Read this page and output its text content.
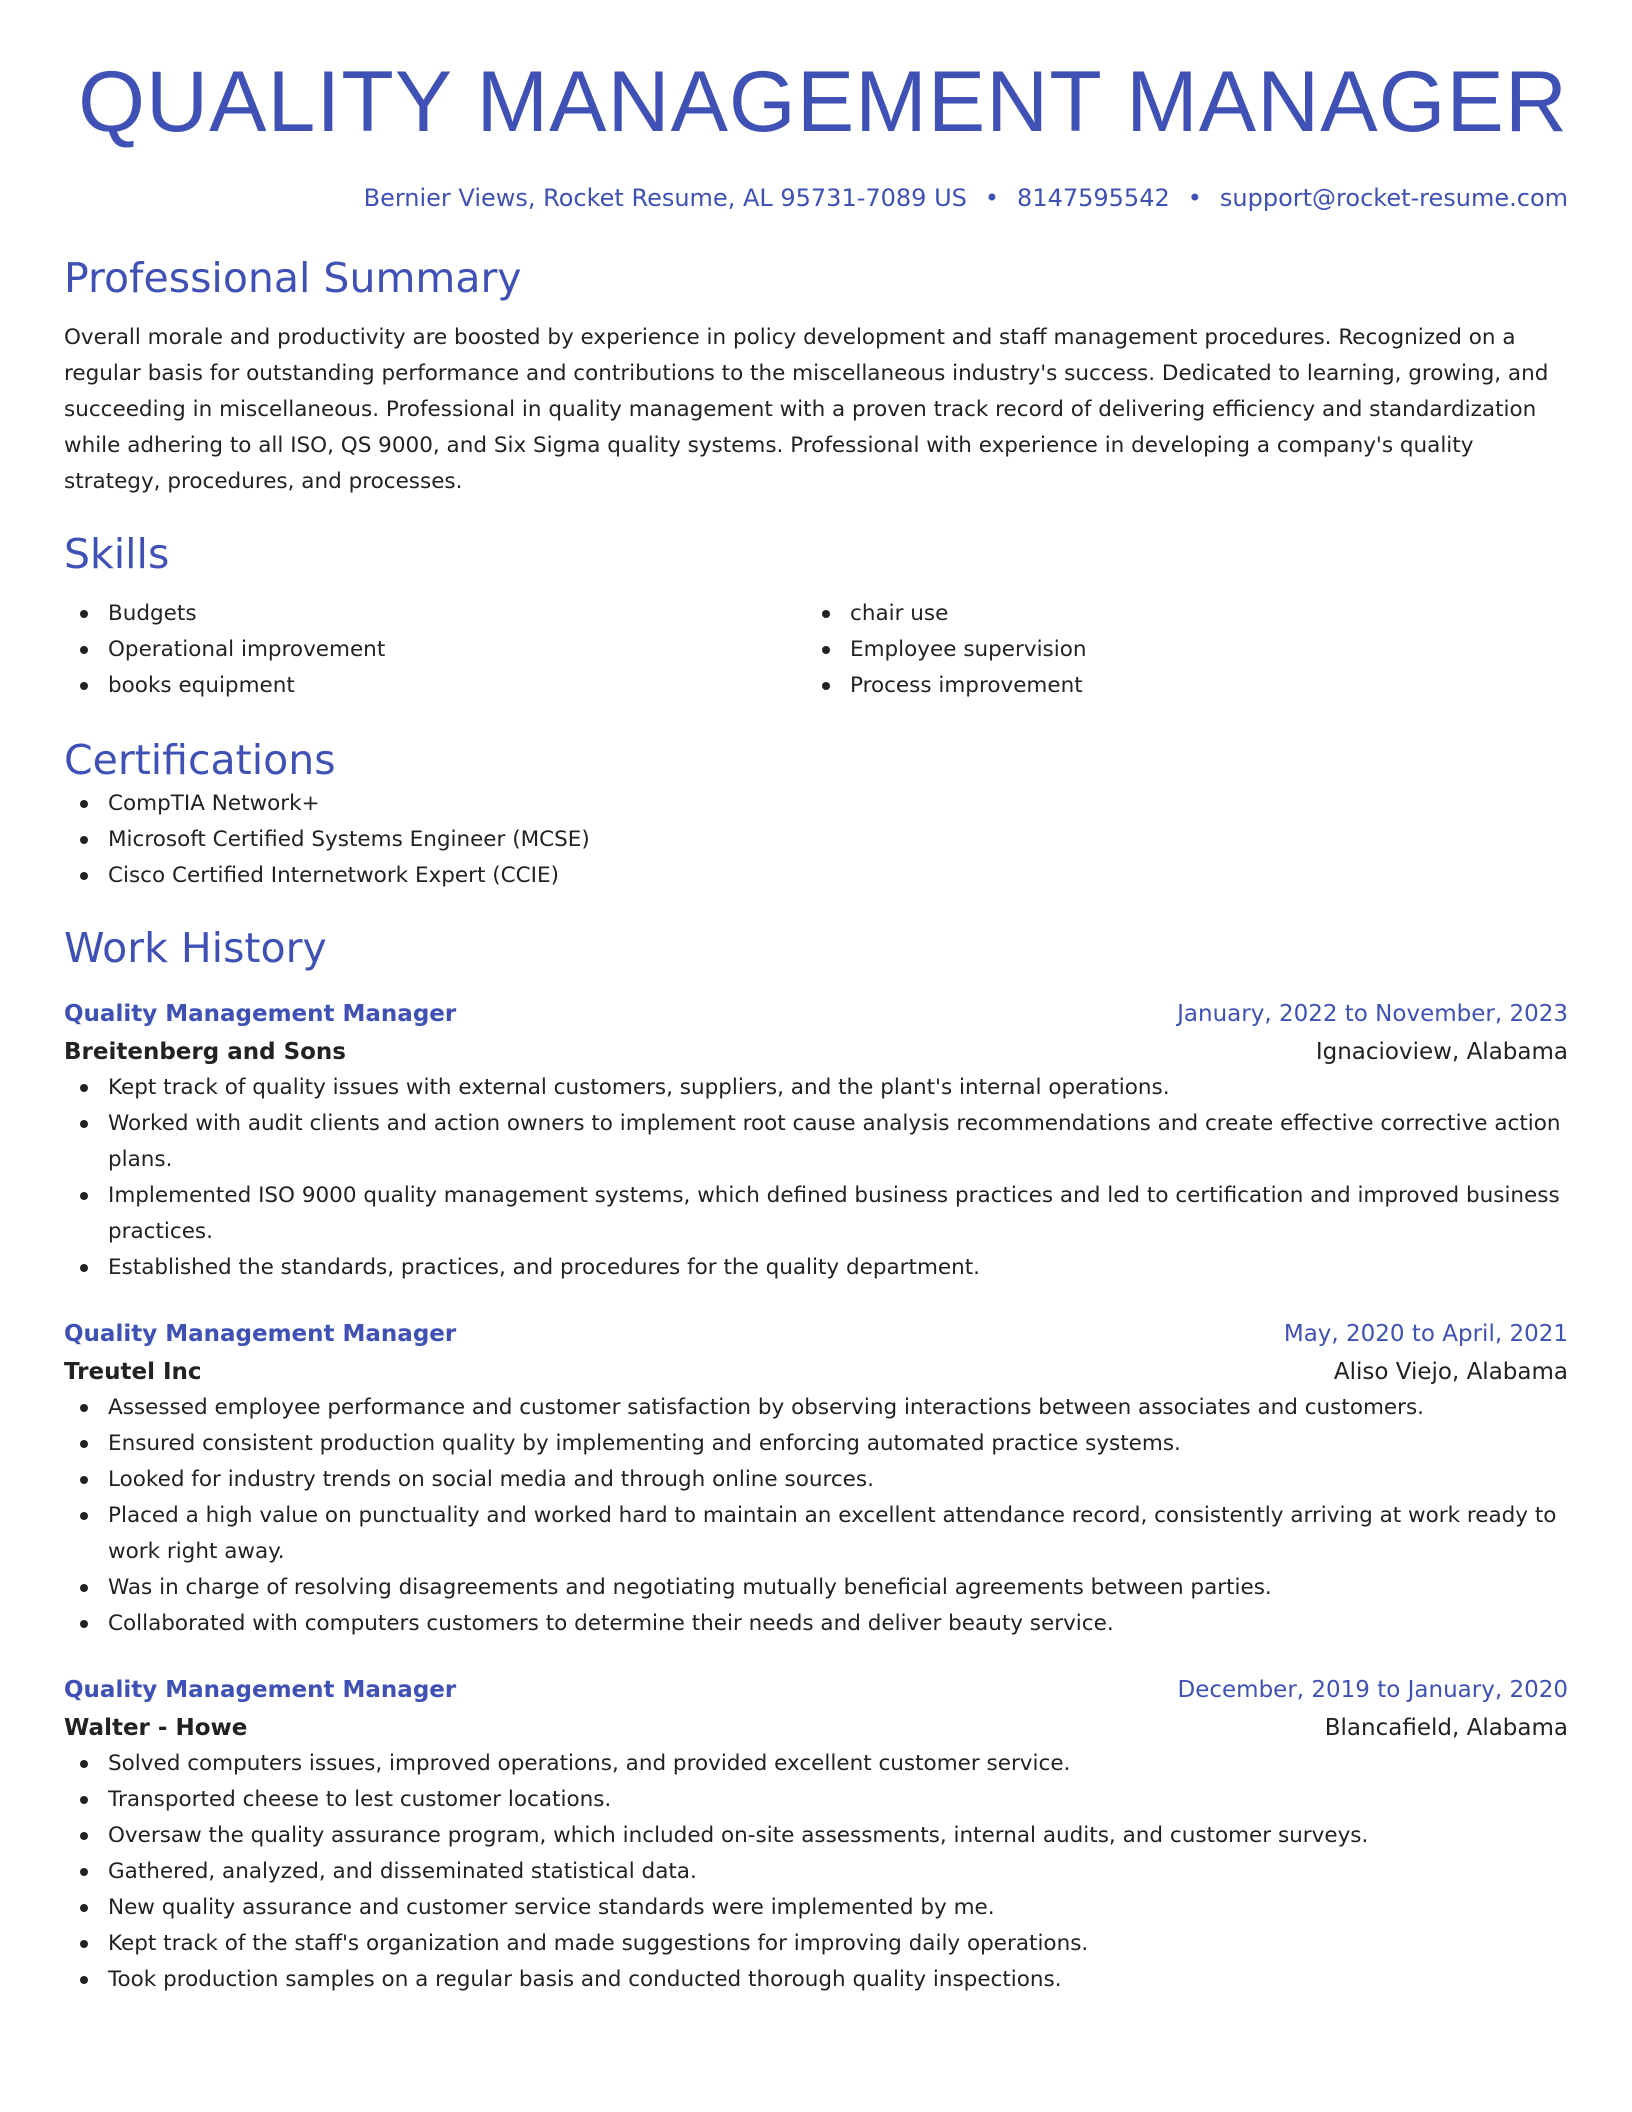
QUALITY MANAGEMENT MANAGER
Bernier Views, Rocket Resume, AL 95731-7089 US • 8147595542 • support@rocket-resume.com
Professional Summary
Overall morale and productivity are boosted by experience in policy development and staff management procedures. Recognized on a regular basis for outstanding performance and contributions to the miscellaneous industry's success. Dedicated to learning, growing, and succeeding in miscellaneous. Professional in quality management with a proven track record of delivering efficiency and standardization while adhering to all ISO, QS 9000, and Six Sigma quality systems. Professional with experience in developing a company's quality strategy, procedures, and processes.
Skills
Budgets
Operational improvement
books equipment
chair use
Employee supervision
Process improvement
Certifications
CompTIA Network+
Microsoft Certified Systems Engineer (MCSE)
Cisco Certified Internetwork Expert (CCIE)
Work History
Quality Management Manager	January, 2022 to November, 2023
Breitenberg and Sons	Ignacioview, Alabama
Kept track of quality issues with external customers, suppliers, and the plant's internal operations.
Worked with audit clients and action owners to implement root cause analysis recommendations and create effective corrective action plans.
Implemented ISO 9000 quality management systems, which defined business practices and led to certification and improved business practices.
Established the standards, practices, and procedures for the quality department.
Quality Management Manager	May, 2020 to April, 2021
Treutel Inc	Aliso Viejo, Alabama
Assessed employee performance and customer satisfaction by observing interactions between associates and customers.
Ensured consistent production quality by implementing and enforcing automated practice systems.
Looked for industry trends on social media and through online sources.
Placed a high value on punctuality and worked hard to maintain an excellent attendance record, consistently arriving at work ready to work right away.
Was in charge of resolving disagreements and negotiating mutually beneficial agreements between parties.
Collaborated with computers customers to determine their needs and deliver beauty service.
Quality Management Manager	December, 2019 to January, 2020
Walter - Howe	Blancafield, Alabama
Solved computers issues, improved operations, and provided excellent customer service.
Transported cheese to lest customer locations.
Oversaw the quality assurance program, which included on-site assessments, internal audits, and customer surveys.
Gathered, analyzed, and disseminated statistical data.
New quality assurance and customer service standards were implemented by me.
Kept track of the staff's organization and made suggestions for improving daily operations.
Took production samples on a regular basis and conducted thorough quality inspections.
